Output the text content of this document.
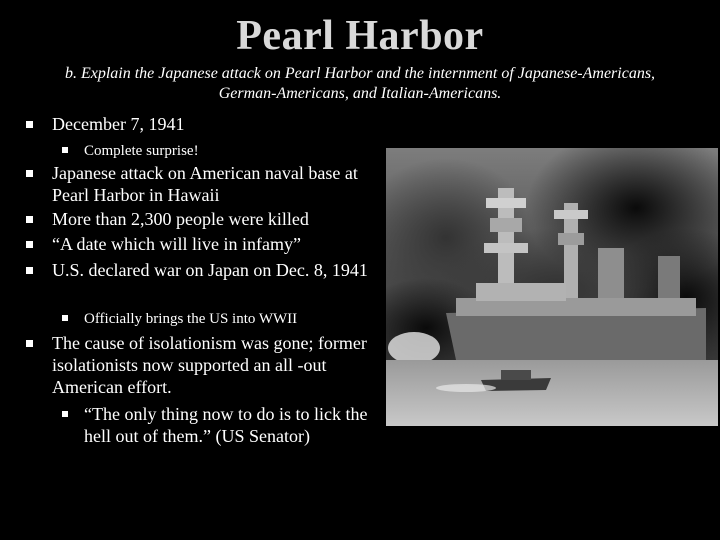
Pearl Harbor
b. Explain the Japanese attack on Pearl Harbor and the internment of Japanese-Americans, German-Americans, and Italian-Americans.
December 7, 1941
Complete surprise!
Japanese attack on American naval base at Pearl Harbor in Hawaii
More than 2,300 people were killed
“A date which will live in infamy”
U.S. declared war on Japan on Dec. 8, 1941
Officially brings the US into WWII
The cause of isolationism was gone; former isolationists now supported an all -out American effort.
“The only thing now to do is to lick the hell out of them.” (US Senator)
